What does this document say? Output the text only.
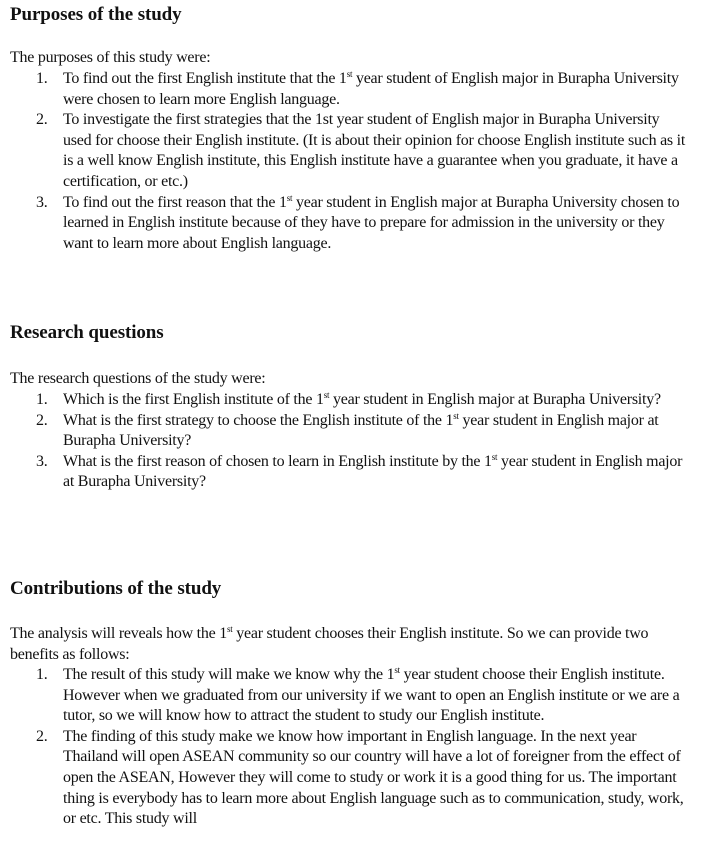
Purposes of the study

The purposes of this study were:

1. To find out the first English institute that the 1st year student of English major in Burapha University were chosen to learn more English language.
2. To investigate the first strategies that the 1st year student of English major in Burapha University used for choose their English institute. (It is about their opinion for choose English institute such as it is a well know English institute, this English institute have a guarantee when you graduate, it have a certification, or etc.)
3. To find out the first reason that the 1st year student in English major at Burapha University chosen to learned in English institute because of they have to prepare for admission in the university or they want to learn more about English language.
Research questions

The research questions of the study were:

1. Which is the first English institute of the 1st year student in English major at Burapha University?
2. What is the first strategy to choose the English institute of the 1st year student in English major at Burapha University?
3. What is the first reason of chosen to learn in English institute by the 1st year student in English major at Burapha University?
Contributions of the study

The analysis will reveals how the 1st year student chooses their English institute. So we can provide two benefits as follows:

1. The result of this study will make we know why the 1st year student choose their English institute. However when we graduated from our university if we want to open an English institute or we are a tutor, so we will know how to attract the student to study our English institute.
2. The finding of this study make we know how important in English language. In the next year Thailand will open ASEAN community so our country will have a lot of foreigner from the effect of open the ASEAN, However they will come to study or work it is a good thing for us. The important thing is everybody has to learn more about English language such as to communication, study, work, or etc. This study will
